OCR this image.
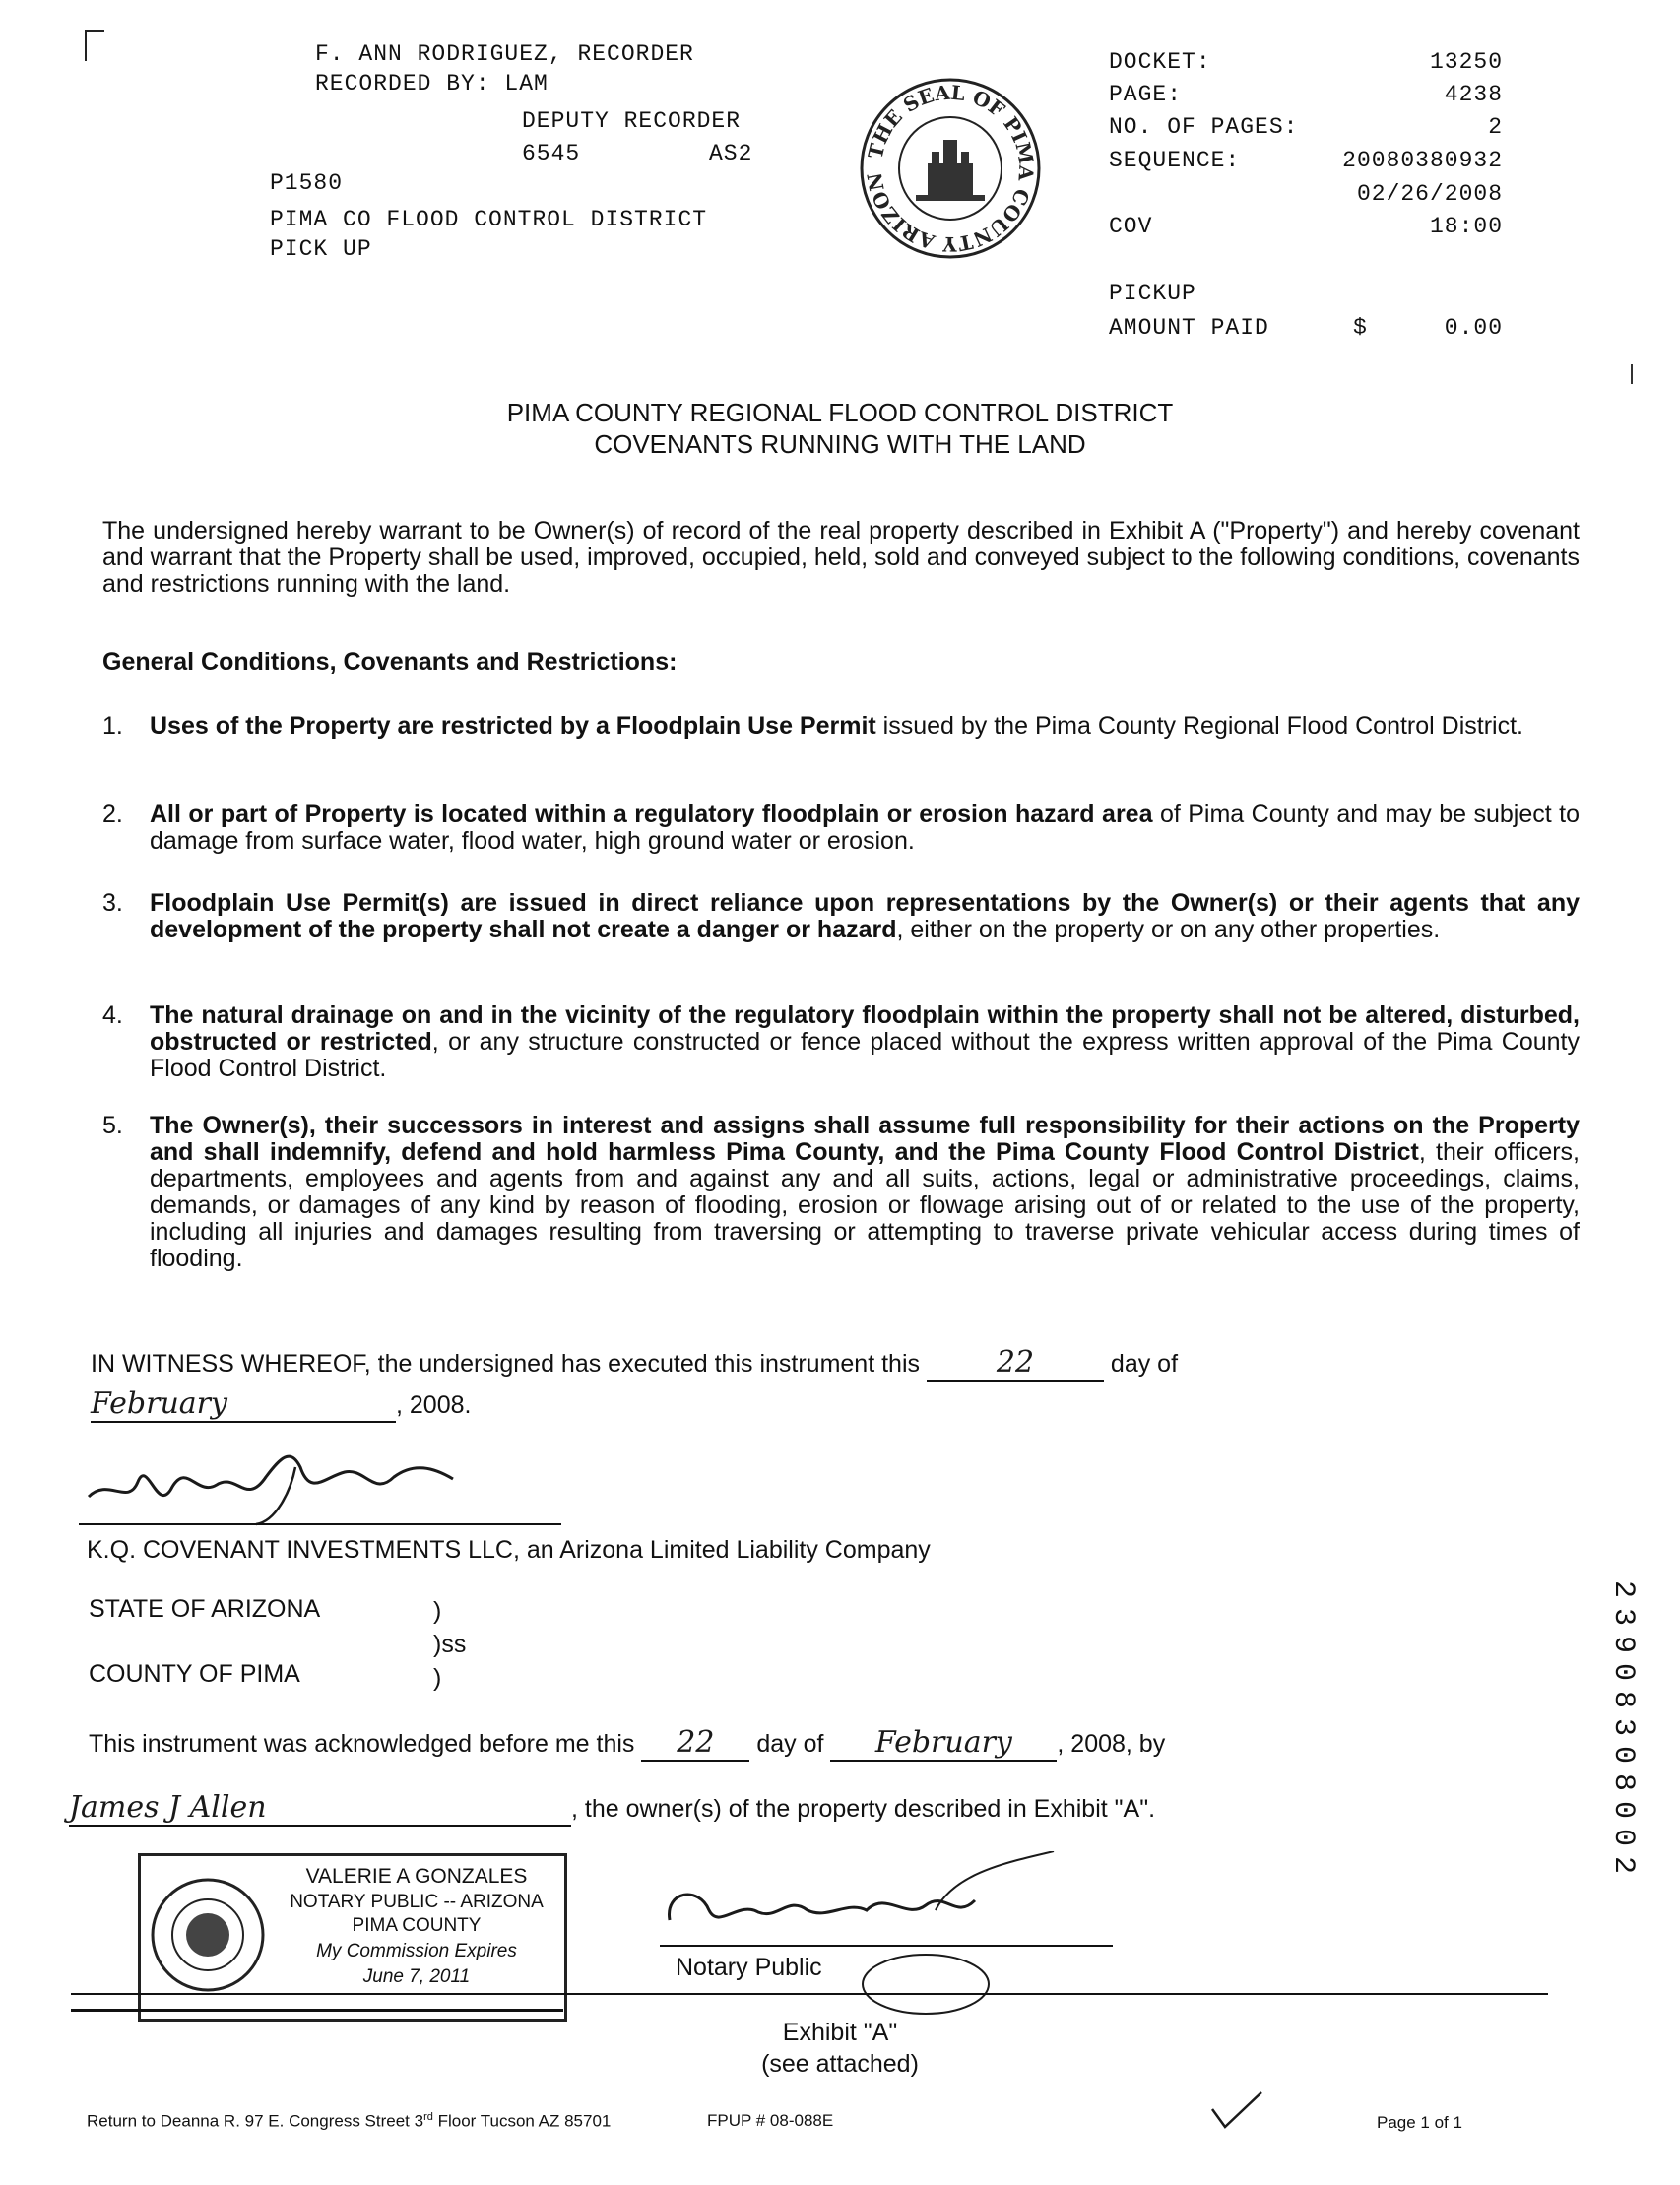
F. ANN RODRIGUEZ, RECORDER
RECORDED BY: LAM
DEPUTY RECORDER
6545	AS2
P1580
PIMA CO FLOOD CONTROL DISTRICT
PICK UP
THE SEAL OF PIMA COUNTY ARIZON
DOCKET:	13250
PAGE:	4238
NO. OF PAGES:	2
SEQUENCE:	20080380932
02/26/2008
COV	18:00
PICKUP
AMOUNT PAID	$	0.00
PIMA COUNTY REGIONAL FLOOD CONTROL DISTRICT
COVENANTS RUNNING WITH THE LAND
The undersigned hereby warrant to be Owner(s) of record of the real property described in Exhibit A ("Property") and hereby covenant and warrant that the Property shall be used, improved, occupied, held, sold and conveyed subject to the following conditions, covenants and restrictions running with the land.
General Conditions, Covenants and Restrictions:
1. Uses of the Property are restricted by a Floodplain Use Permit issued by the Pima County Regional Flood Control District.
2. All or part of Property is located within a regulatory floodplain or erosion hazard area of Pima County and may be subject to damage from surface water, flood water, high ground water or erosion.
3. Floodplain Use Permit(s) are issued in direct reliance upon representations by the Owner(s) or their agents that any development of the property shall not create a danger or hazard, either on the property or on any other properties.
4. The natural drainage on and in the vicinity of the regulatory floodplain within the property shall not be altered, disturbed, obstructed or restricted, or any structure constructed or fence placed without the express written approval of the Pima County Flood Control District.
5. The Owner(s), their successors in interest and assigns shall assume full responsibility for their actions on the Property and shall indemnify, defend and hold harmless Pima County, and the Pima County Flood Control District, their officers, departments, employees and agents from and against any and all suits, actions, legal or administrative proceedings, claims, demands, or damages of any kind by reason of flooding, erosion or flowage arising out of or related to the use of the property, including all injuries and damages resulting from traversing or attempting to traverse private vehicular access during times of flooding.
IN WITNESS WHEREOF, the undersigned has executed this instrument this	22	day of
February	, 2008.
K.Q. COVENANT INVESTMENTS LLC, an Arizona Limited Liability Company
STATE OF ARIZONA	)
)ss
COUNTY OF PIMA	)
This instrument was acknowledged before me this 22 day of February , 2008, by
James J Allen	, the owner(s) of the property described in Exhibit "A".
VALERIE A GONZALES
NOTARY PUBLIC -- ARIZONA
PIMA COUNTY
My Commission Expires
June 7, 2011	Notary Public
Exhibit "A"
(see attached)
Return to Deanna R. 97 E. Congress Street 3rd Floor Tucson AZ 85701	FPUP # 08-088E	Page 1 of 1
2
3
9
0
8
3
0
8
0
0
2
